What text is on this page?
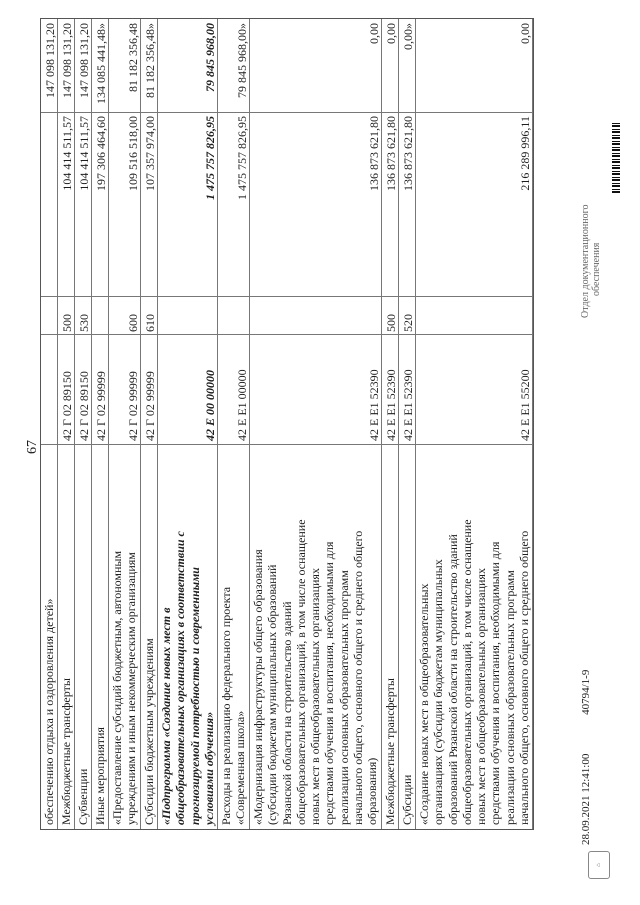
67
обеспечению отдыха и оздоровления детей»
147 098 131,20
Межбюджетные трансферты
42 Г 02 89150
500
104 414 511,57
147 098 131,20
Субвенции
42 Г 02 89150
530
104 414 511,57
147 098 131,20
Иные мероприятия
42 Г 02 99999
197 306 464,60
134 085 441,48»
«Предоставление субсидий бюджетным, автономным учреждениям и иным некоммерческим организациям
42 Г 02 99999
600
109 516 518,00
81 182 356,48
Субсидии бюджетным учреждениям
42 Г 02 99999
610
107 357 974,00
81 182 356,48»
«Подпрограмма «Создание новых мест в общеобразовательных организациях в соответствии с прогнозируемой потребностью и современными условиями обучения»
42 Е 00 00000
1 475 757 826,95
79 845 968,00
Расходы на реализацию федерального проекта «Современная школа»
42 Е Е1 00000
1 475 757 826,95
79 845 968,00»
«Модернизация инфраструктуры общего образования (субсидии бюджетам муниципальных образований Рязанской области на строительство зданий общеобразовательных организаций, в том числе оснащение новых мест в общеобразовательных организациях средствами обучения и воспитания, необходимыми для реализации основных образовательных программ начального общего, основного общего и среднего общего образования)
42 Е Е1 52390
136 873 621,80
0,00
Межбюджетные трансферты
42 Е Е1 52390
500
136 873 621,80
0,00
Субсидии
42 Е Е1 52390
520
136 873 621,80
0,00»
«Создание новых мест в общеобразовательных организациях (субсидии бюджетам муниципальных образований Рязанской области на строительство зданий общеобразовательных организаций, в том числе оснащение новых мест в общеобразовательных организациях средствами обучения и воспитания, необходимыми для реализации основных образовательных программ начального общего, основного общего и среднего общего
42 Е Е1 55200
216 289 996,11
0,00
⌂
28.09.2021 12:41:00 40794/1-9
Отдел документационного обеспечения
